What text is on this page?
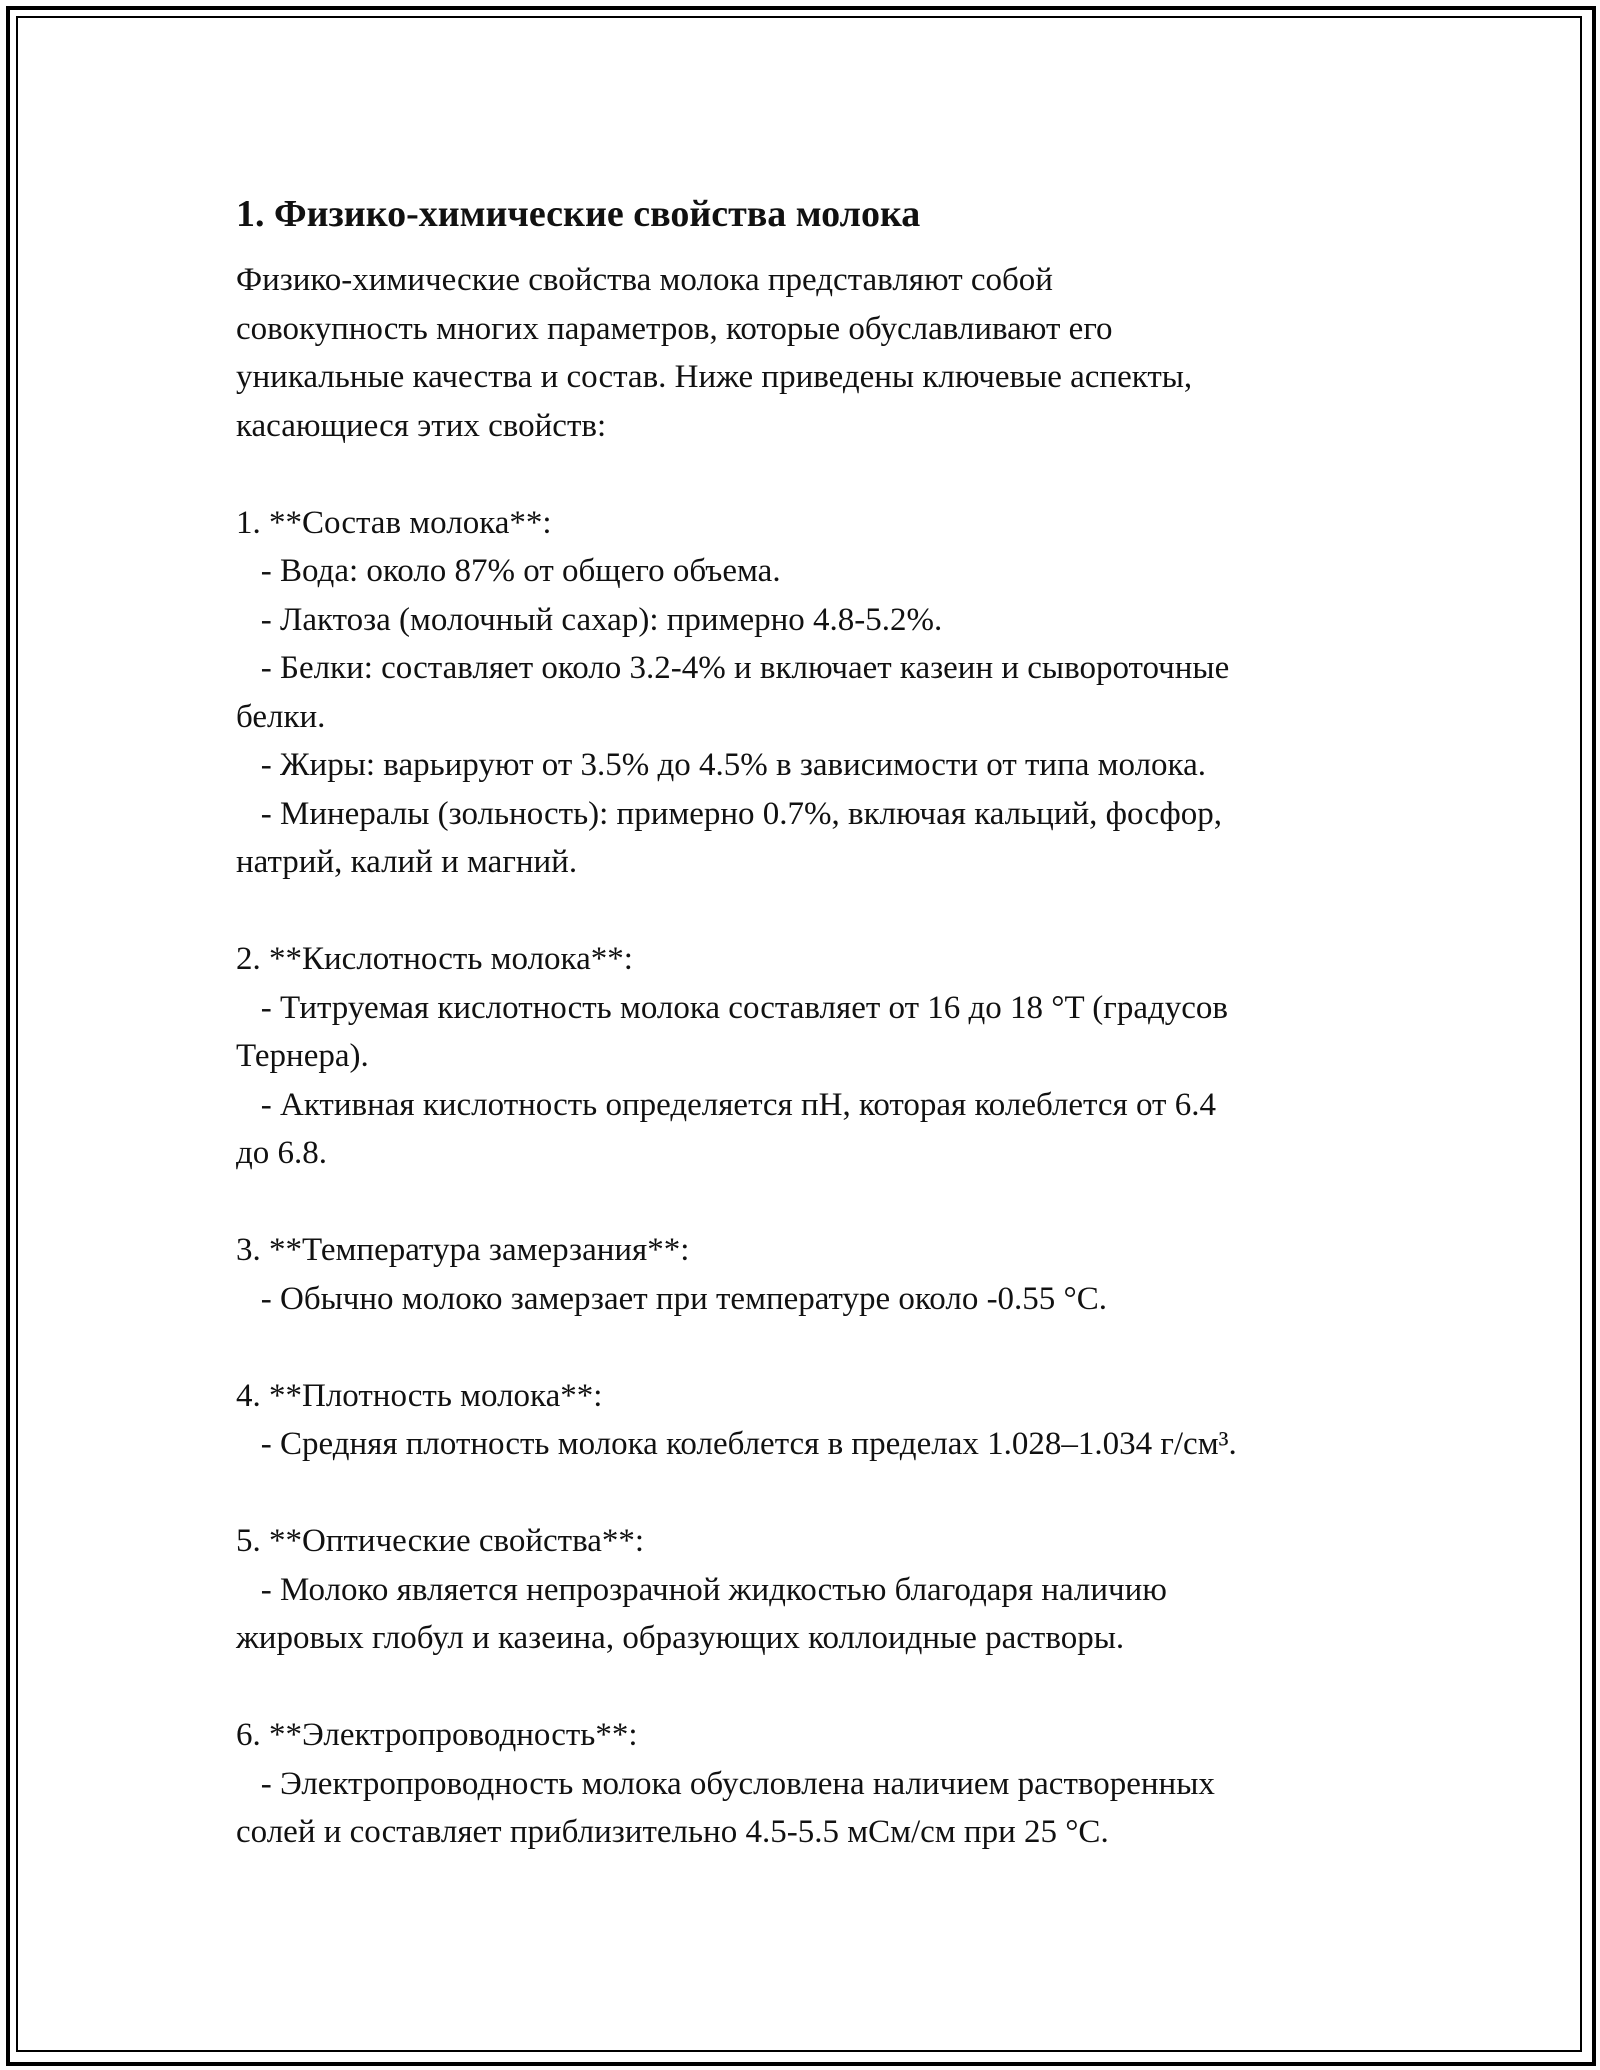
1. Физико-химические свойства молока
Физико-химические свойства молока представляют собой
совокупность многих параметров, которые обуславливают его
уникальные качества и состав. Ниже приведены ключевые аспекты,
касающиеся этих свойств:
1. **Состав молока**:
- Вода: около 87% от общего объема.
- Лактоза (молочный сахар): примерно 4.8-5.2%.
- Белки: составляет около 3.2-4% и включает казеин и сывороточные
белки.
- Жиры: варьируют от 3.5% до 4.5% в зависимости от типа молока.
- Минералы (зольность): примерно 0.7%, включая кальций, фосфор,
натрий, калий и магний.
2. **Кислотность молока**:
- Титруемая кислотность молока составляет от 16 до 18 °T (градусов
Тернера).
- Активная кислотность определяется пН, которая колеблется от 6.4
до 6.8.
3. **Температура замерзания**:
- Обычно молоко замерзает при температуре около -0.55 °C.
4. **Плотность молока**:
- Средняя плотность молока колеблется в пределах 1.028–1.034 г/см³.
5. **Оптические свойства**:
- Молоко является непрозрачной жидкостью благодаря наличию
жировых глобул и казеина, образующих коллоидные растворы.
6. **Электропроводность**:
- Электропроводность молока обусловлена наличием растворенных
солей и составляет приблизительно 4.5-5.5 мСм/см при 25 °C.
